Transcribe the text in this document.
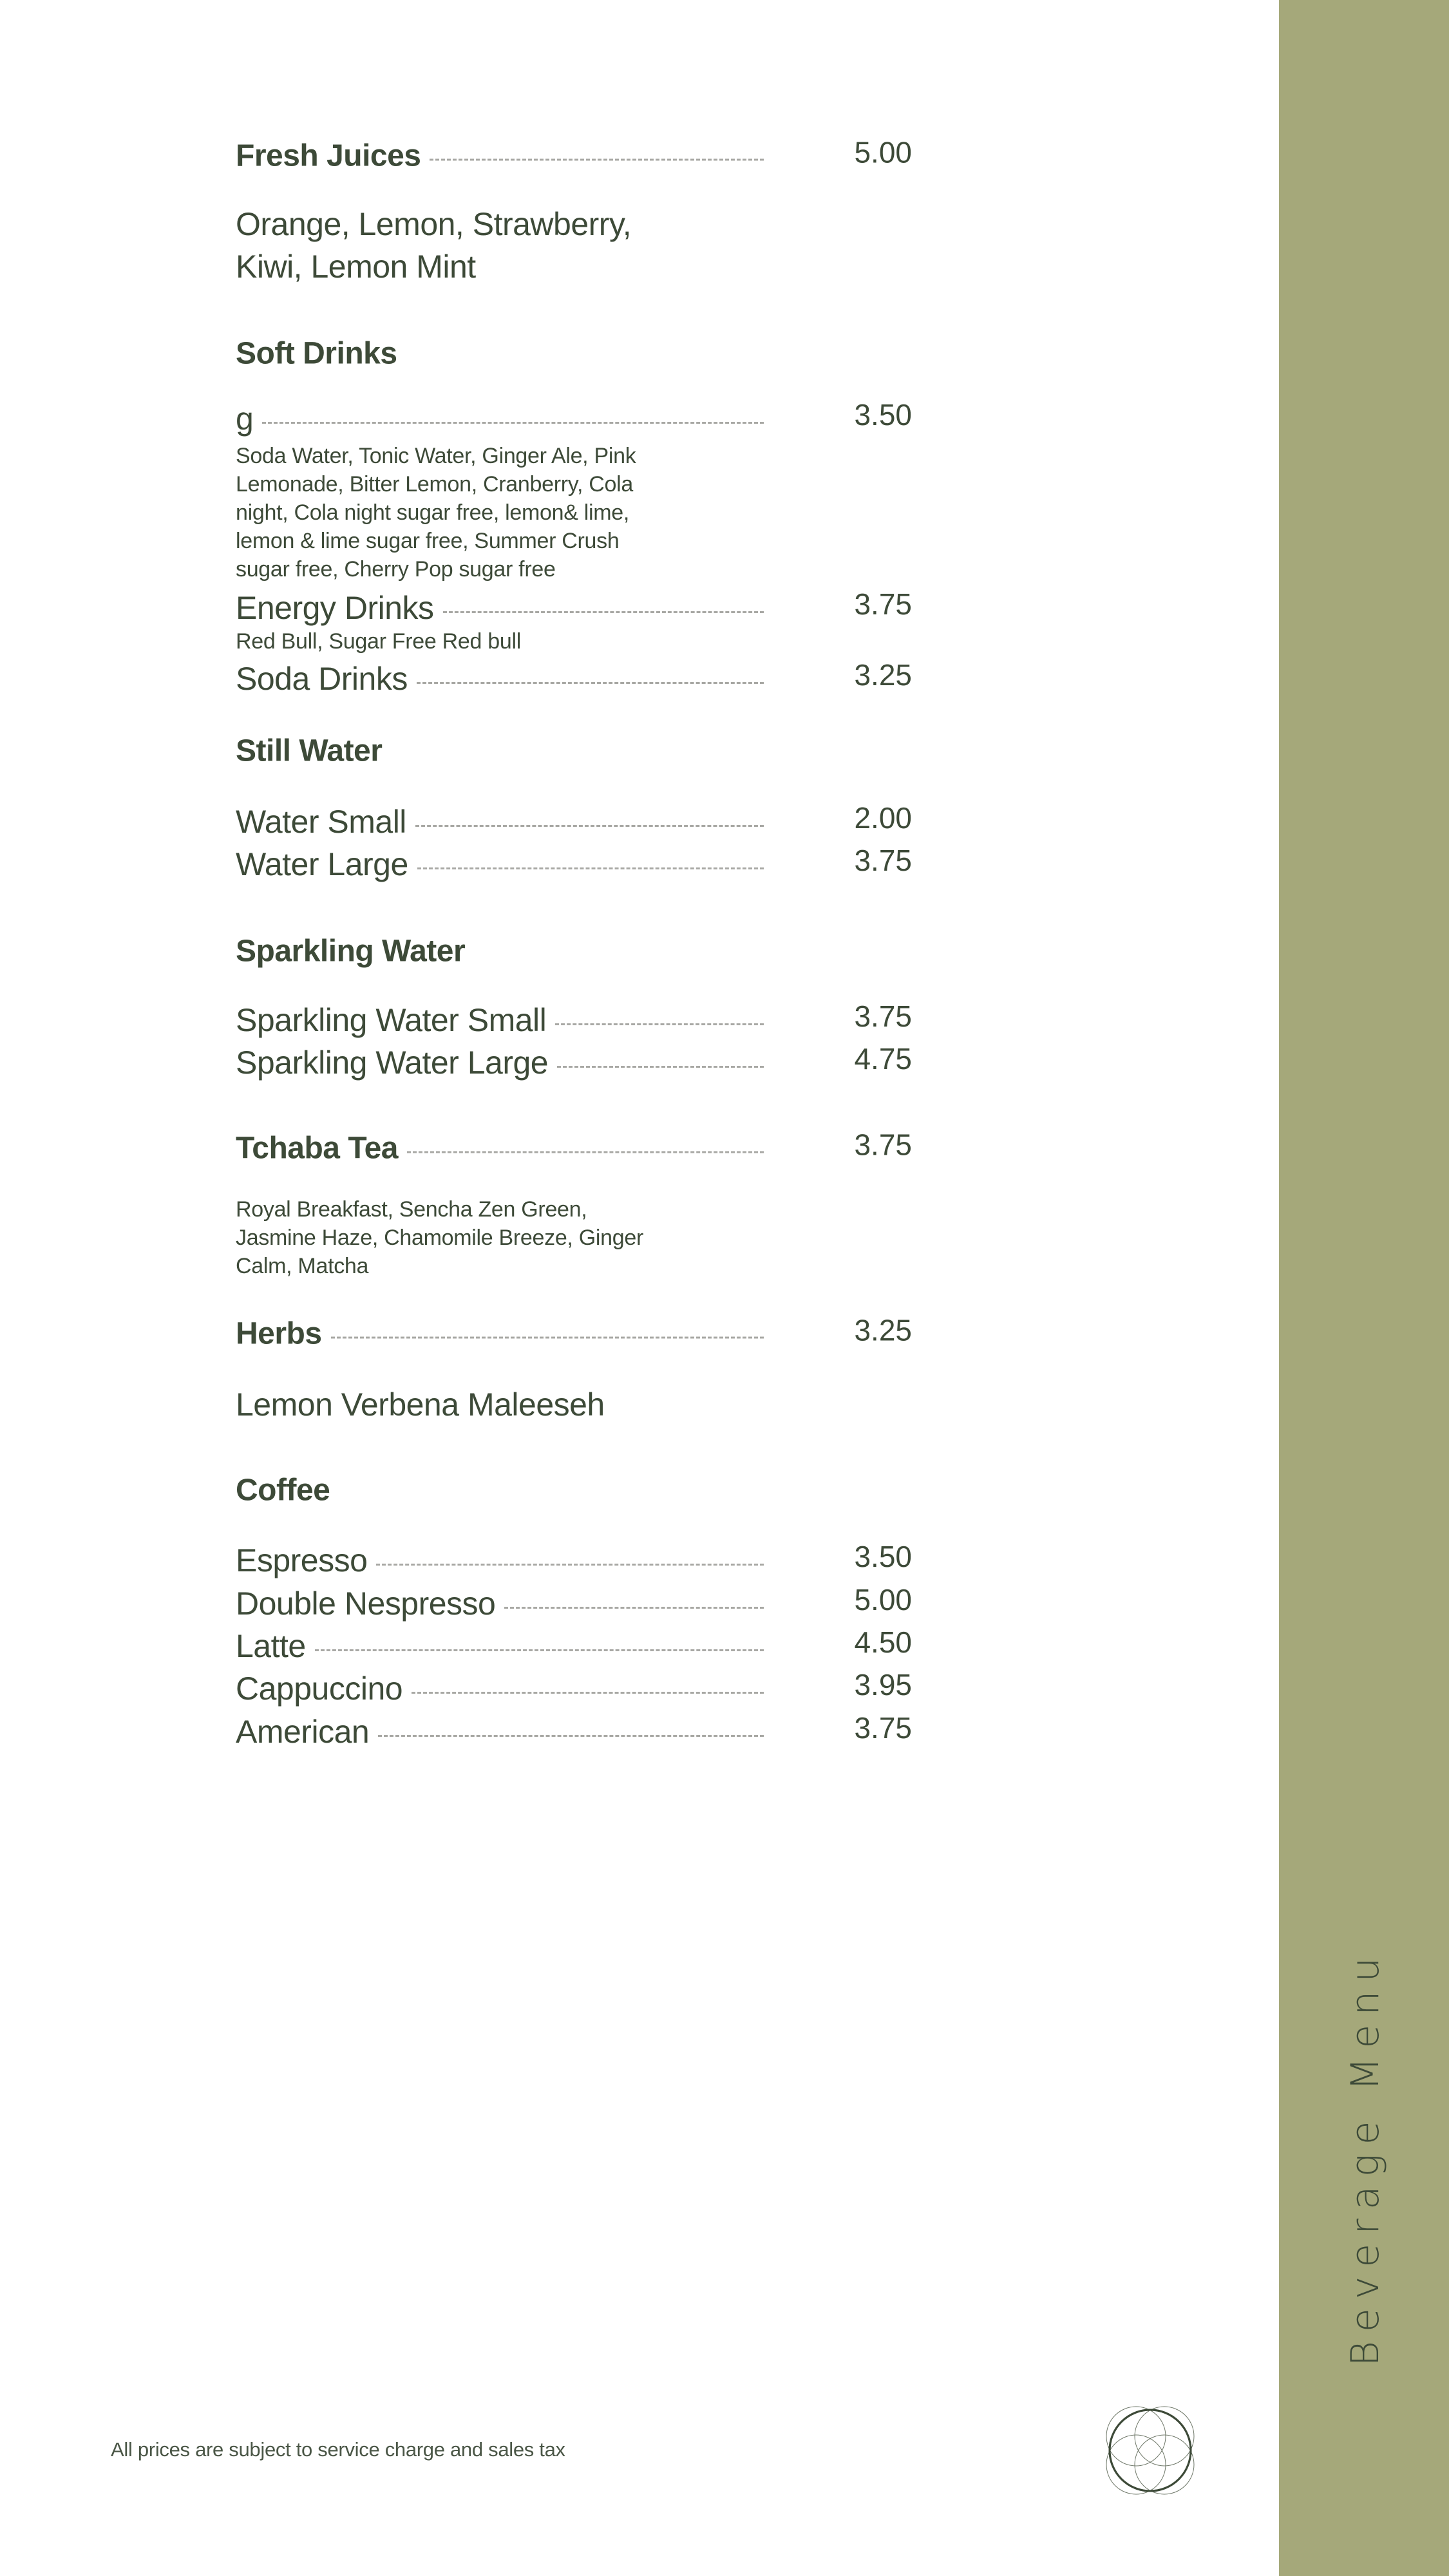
Beverage Menu
Fresh Juices	5.00
Orange, Lemon, Strawberry,
Kiwi, Lemon Mint
Soft Drinks
g	3.50
Soda Water, Tonic Water, Ginger Ale, Pink
Lemonade, Bitter Lemon, Cranberry, Cola
night, Cola night sugar free, lemon& lime,
lemon & lime sugar free, Summer Crush
sugar free, Cherry Pop sugar free
Energy Drinks	3.75
Red Bull, Sugar Free Red bull
Soda Drinks	3.25
Still Water
Water Small	2.00
Water Large	3.75
Sparkling Water
Sparkling Water Small	3.75
Sparkling Water Large	4.75
Tchaba Tea	3.75
Royal Breakfast, Sencha Zen Green,
Jasmine Haze, Chamomile Breeze, Ginger
Calm, Matcha
Herbs	3.25
Lemon Verbena Maleeseh
Coffee
Espresso	3.50
Double Nespresso	5.00
Latte	4.50
Cappuccino	3.95
American	3.75
All prices are subject to service charge and sales tax
